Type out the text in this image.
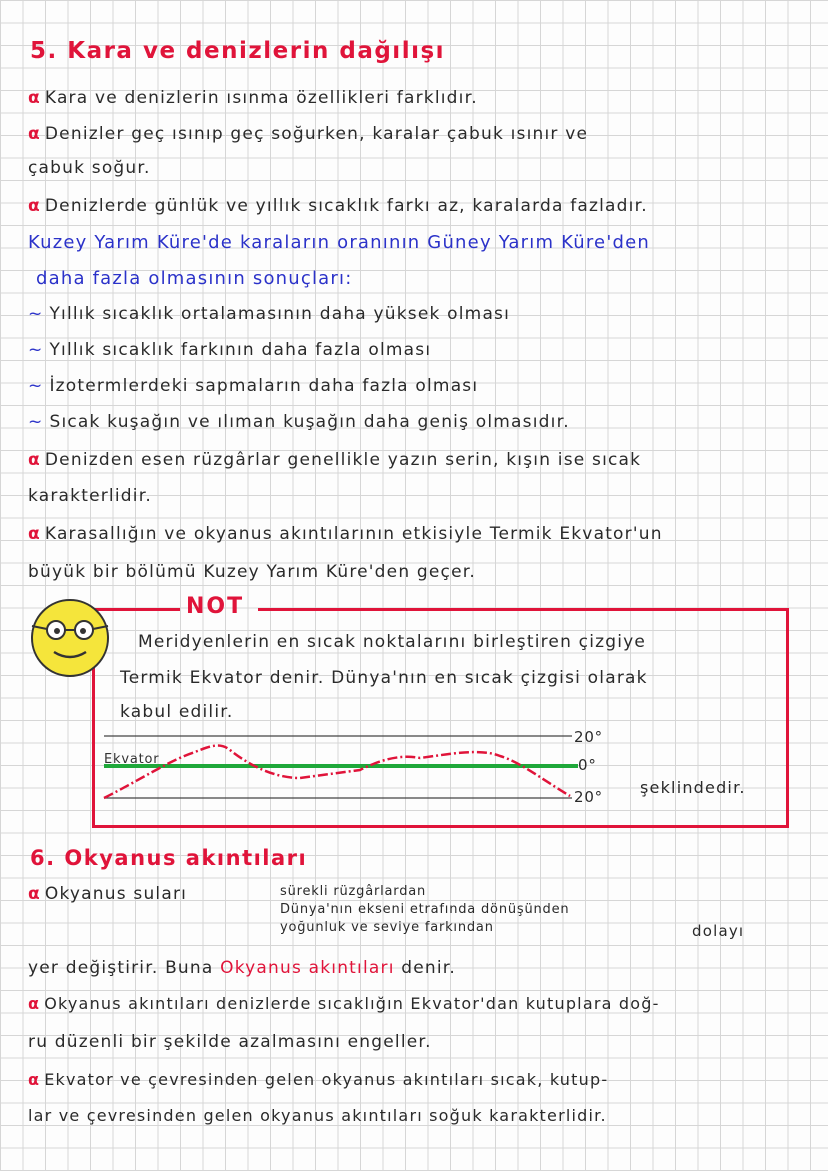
5. Kara ve denizlerin dağılışı
α Kara ve denizlerin ısınma özellikleri farklıdır.
α Denizler geç ısınıp geç soğurken, karalar çabuk ısınır ve
çabuk soğur.
α Denizlerde günlük ve yıllık sıcaklık farkı az, karalarda fazladır.
Kuzey Yarım Küre'de karaların oranının Güney Yarım Küre'den
daha fazla olmasının sonuçları:
~ Yıllık sıcaklık ortalamasının daha yüksek olması
~ Yıllık sıcaklık farkının daha fazla olması
~ İzotermlerdeki sapmaların daha fazla olması
~ Sıcak kuşağın ve ılıman kuşağın daha geniş olmasıdır.
α Denizden esen rüzgârlar genellikle yazın serin, kışın ise sıcak
karakterlidir.
α Karasallığın ve okyanus akıntılarının etkisiyle Termik Ekvator'un
büyük bir bölümü Kuzey Yarım Küre'den geçer.
NOT
Meridyenlerin en sıcak noktalarını birleştiren çizgiye
Termik Ekvator denir. Dünya'nın en sıcak çizgisi olarak
kabul edilir.
Ekvator
20°
0°
20° şeklindedir.
6. Okyanus akıntıları
α Okyanus suları	sürekli rüzgârlardan
Dünya'nın ekseni etrafında dönüşünden
yoğunluk ve seviye farkından	dolayı
yer değiştirir. Buna Okyanus akıntıları denir.
α Okyanus akıntıları denizlerde sıcaklığın Ekvator'dan kutuplara doğ-
ru düzenli bir şekilde azalmasını engeller.
α Ekvator ve çevresinden gelen okyanus akıntıları sıcak, kutup-
lar ve çevresinden gelen okyanus akıntıları soğuk karakterlidir.
